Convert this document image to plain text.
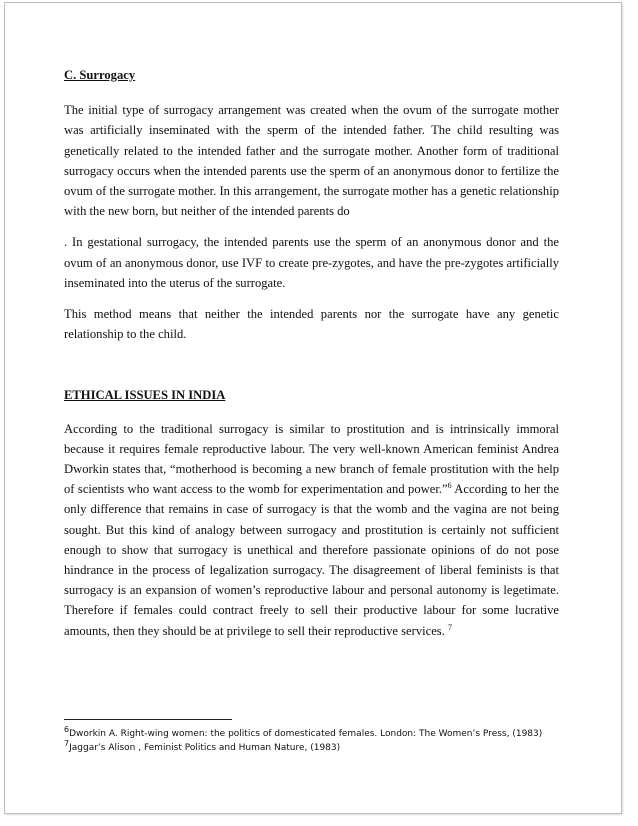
C. Surrogacy

The initial type of surrogacy arrangement was created when the ovum of the surrogate mother was artificially inseminated with the sperm of the intended father. The child resulting was genetically related to the intended father and the surrogate mother. Another form of traditional surrogacy occurs when the intended parents use the sperm of an anonymous donor to fertilize the ovum of the surrogate mother. In this arrangement, the surrogate mother has a genetic relationship with the new born, but neither of the intended parents do

. In gestational surrogacy, the intended parents use the sperm of an anonymous donor and the ovum of an anonymous donor, use IVF to create pre-zygotes, and have the pre-zygotes artificially inseminated into the uterus of the surrogate.

This method means that neither the intended parents nor the surrogate have any genetic relationship to the child.

ETHICAL ISSUES IN INDIA

According to the traditional surrogacy is similar to prostitution and is intrinsically immoral because it requires female reproductive labour. The very well-known American feminist Andrea Dworkin states that, “motherhood is becoming a new branch of female prostitution with the help of scientists who want access to the womb for experimentation and power.”$^6$ According to her the only difference that remains in case of surrogacy is that the womb and the vagina are not being sought. But this kind of analogy between surrogacy and prostitution is certainly not sufficient enough to show that surrogacy is unethical and therefore passionate opinions of do not pose hindrance in the process of legalization surrogacy. The disagreement of liberal feminists is that surrogacy is an expansion of women’s reproductive labour and personal autonomy is legetimate. Therefore if females could contract freely to sell their productive labour for some lucrative amounts, then they should be at privilege to sell their reproductive services. $^7$

$^6$Dworkin A. Right-wing women: the politics of domesticated females. London: The Women’s Press, (1983)
$^7$Jaggar’s Alison , Feminist Politics and Human Nature, (1983)
